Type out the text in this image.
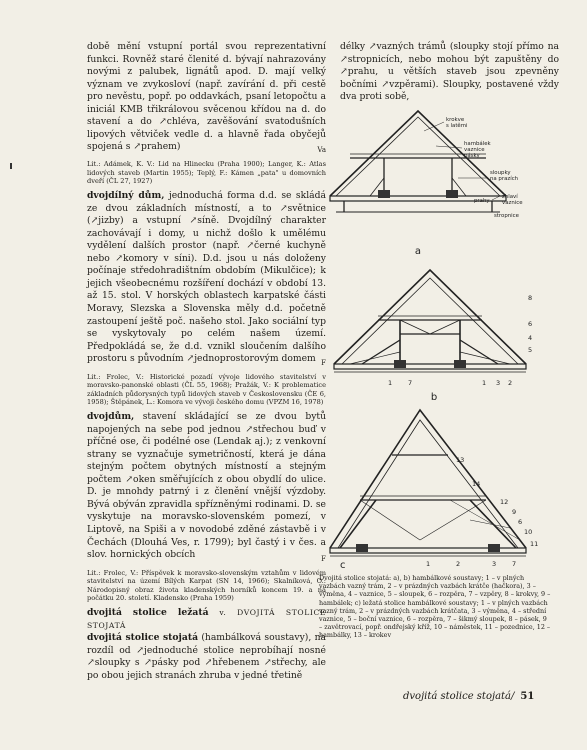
době mění vstupní portál svou reprezentativní funkci. Rovněž staré členité d. bývají nahrazovány novými z palubek, lignátů apod. D. mají velký význam ve zvykosloví (např. zavírání d. při cestě pro nevěstu, popř. po oddavkách, psaní letopočtu a iniciál KMB třikrálovou svěcenou křídou na d. do stavení a do ↗chléva, zavěšování svatodušních lipových větviček vedle d. a hlavně řada obyčejů spojená s ↗prahem)	Va

Lit.: Adámek, K. V.: Lid na Hlinecku (Praha 1900); Langer, K.: Atlas lidových staveb (Martin 1955); Teplý, F.: Kámen „pata" u domovních dveří (ČL 27, 1927)

dvojdílný dům, jednoduchá forma d.d. se skládá ze dvou základních místností, a to ↗světnice (↗jizby) a vstupní ↗síně. Dvojdílný charakter zachovávají i domy, u nichž došlo k umělému vydělení dalších prostor (např. ↗černé kuchyně nebo ↗komory v síni). D.d. jsou u nás doloženy počínaje středohradištním obdobím (Mikulčice); k jejich všeobecnému rozšíření dochází v období 13. až 15. stol. V horských oblastech karpatské části Moravy, Slezska a Slovenska měly d.d. početně zastoupení ještě poč. našeho stol. Jako sociální typ se vyskytovaly po celém našem území. Předpokládá se, že d.d. vznikl sloučením dalšího prostoru s původním ↗jednoprostorovým domem F

Lit.: Frolec, V.: Historické pozadí vývoje lidového stavitelství v moravsko-panonské oblasti (ČL 55, 1968); Pražák, V.: K problematice základních půdorysných typů lidových staveb v Československu (ČE 6, 1958); Štěpánek, L.: Komora ve vývoji českého domu (VPZM 16, 1978)

dvojdům, stavení skládající se ze dvou bytů napojených na sebe pod jednou ↗střechou buď v příčné ose, či podélné ose (Lendak aj.); z venkovní strany se vyznačuje symetričností, která je dána stejným počtem obytných místností a stejným počtem ↗oken směřujících z obou obydlí do ulice. D. je mnohdy patrný i z členění vnější výzdoby. Bývá obýván zpravidla spřízněnými rodinami. D. se vyskytuje na moravsko-slovenském pomezí, v Liptově, na Spiši a v novodobé zděné zástavbě i v Čechách (Dlouhá Ves, r. 1799); byl častý i v čes. a slov. hornických obcích	F

Lit.: Frolec, V.: Příspěvek k moravsko-slovenským vztahům v lidovém stavitelství na území Bílých Karpat (SN 14, 1966); Skalníková, O.: Národopisný obraz života kladenských horníků koncem 19. a na počátku 20. století. Kladensko (Praha 1959)

dvojitá stolice ležatá v. DVOJITÁ STOLICE STOJATÁ

dvojitá stolice stojatá (hambálková soustavy), na rozdíl od ↗jednoduché stolice neprobíhají nosné ↗sloupky s ↗pásky pod ↗hřebenem ↗střechy, ale po obou jejich stranách zhruba v jedné třetině

délky ↗vazných trámů (sloupky stojí přímo na ↗stropnicích, nebo mohou být zapuštěny do ↗prahu, u větších staveb jsou zpevněny bočními ↗vzpěrami). Sloupky, postavené vždy dva proti sobě,
krokve
s latěmi
hambálek
vaznice
pásky
sloupky
na prazích
prahy
zhlaví
vaznice
stropnice
a
1 7	1 3 2
6
4
5
8
b
13
14
12
9
6
10
11
1	2	3 7
c
Dvojitá stolice stojatá: a), b) hambálkové soustavy; 1 – v plných vazbách vazný trám, 2 – v prázdných vazbách krátče (hačkora), 3 – výměna, 4 – vaznice, 5 – sloupek, 6 – rozpěra, 7 – vzpěry, 8 – krokvy, 9 – hambálek; c) ležatá stolice hambálkové soustavy; 1 – v plných vazbách vazný trám, 2 – v prázdných vazbách krátčata, 3 – výměna, 4 – střední vaznice, 5 – boční vaznice, 6 – rozpěra, 7 – šikmý sloupek, 8 – pásek, 9 – zavětrovací, popř. ondřejský kříž, 10 – náměstek, 11 – pozednice, 12 – hambálky, 13 – krokev
dvojitá stolice stojatá/ 51
